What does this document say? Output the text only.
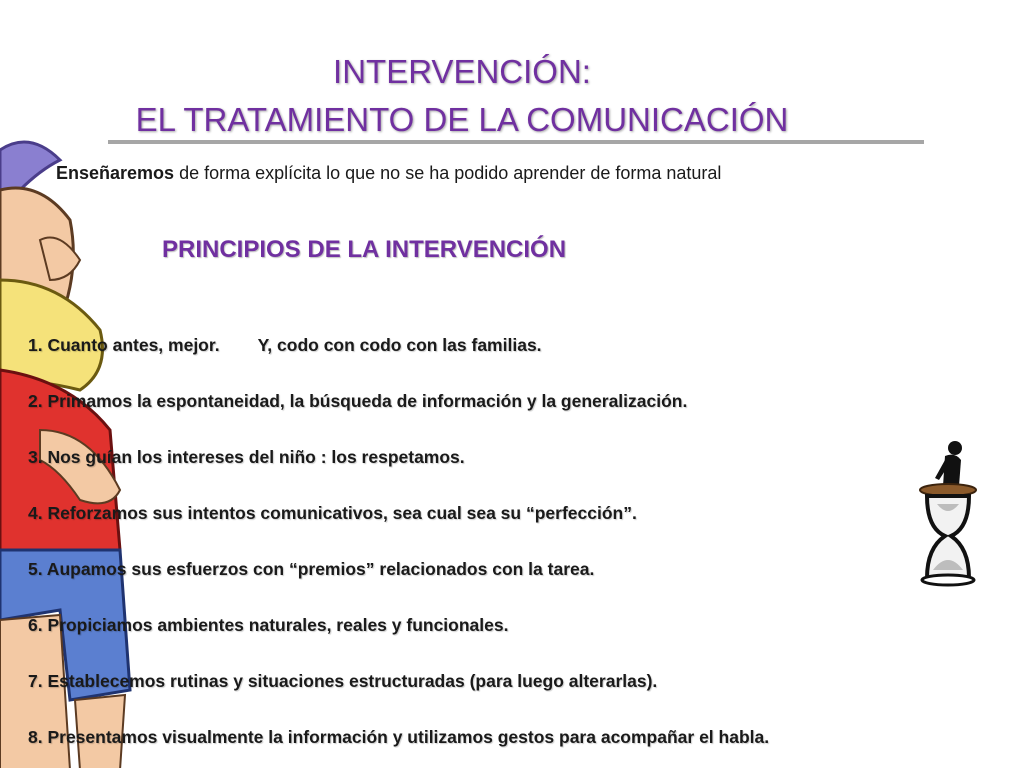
INTERVENCIÓN:
EL TRATAMIENTO DE LA COMUNICACIÓN
Enseñaremos de forma explícita lo que no se ha podido aprender de forma natural
PRINCIPIOS DE LA INTERVENCIÓN
1. Cuanto antes, mejor. Y, codo con codo con las familias.
2. Primamos la espontaneidad, la búsqueda de información y la generalización.
3. Nos guían los intereses del niño : los respetamos.
4. Reforzamos sus intentos comunicativos, sea cual sea su “perfección”.
5. Aupamos sus esfuerzos con “premios” relacionados con la tarea.
6. Propiciamos ambientes naturales, reales y funcionales.
7. Establecemos rutinas y situaciones estructuradas (para luego alterarlas).
8. Presentamos visualmente la información y utilizamos gestos para acompañar el habla.
